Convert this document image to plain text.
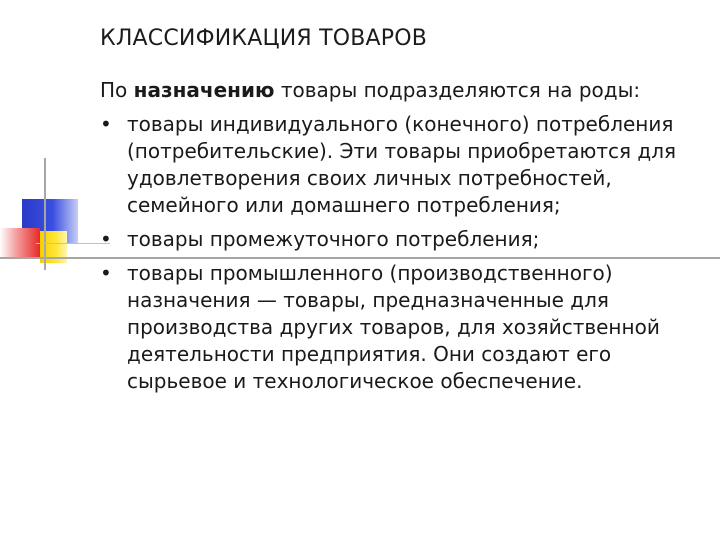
КЛАССИФИКАЦИЯ ТОВАРОВ
По назначению товары подразделяются на роды:
• товары индивидуального (конечного) потребления (потребительские). Эти товары приобретаются для удовлетворения своих личных потребностей, семейного или домашнего потребления;
• товары промежуточного потребления;
• товары промышленного (производственного) назначения — товары, предназначенные для производства других товаров, для хозяйственной деятельности предприятия. Они создают его сырьевое и технологическое обеспечение.
